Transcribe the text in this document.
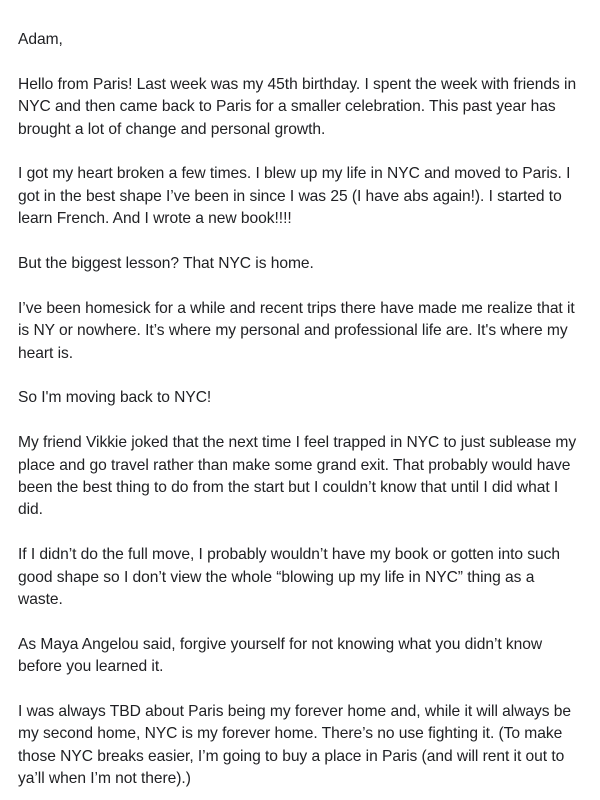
Adam,

Hello from Paris! Last week was my 45th birthday. I spent the week with friends in NYC and then came back to Paris for a smaller celebration. This past year has brought a lot of change and personal growth.

I got my heart broken a few times. I blew up my life in NYC and moved to Paris. I got in the best shape I’ve been in since I was 25 (I have abs again!). I started to learn French. And I wrote a new book!!!!

But the biggest lesson? That NYC is home.

I’ve been homesick for a while and recent trips there have made me realize that it is NY or nowhere. It’s where my personal and professional life are. It's where my heart is.

So I'm moving back to NYC!

My friend Vikkie joked that the next time I feel trapped in NYC to just sublease my place and go travel rather than make some grand exit. That probably would have been the best thing to do from the start but I couldn’t know that until I did what I did.

If I didn’t do the full move, I probably wouldn’t have my book or gotten into such good shape so I don’t view the whole “blowing up my life in NYC” thing as a waste.

As Maya Angelou said, forgive yourself for not knowing what you didn’t know before you learned it.

I was always TBD about Paris being my forever home and, while it will always be my second home, NYC is my forever home. There’s no use fighting it. (To make those NYC breaks easier, I’m going to buy a place in Paris (and will rent it out to ya’ll when I’m not there).)
